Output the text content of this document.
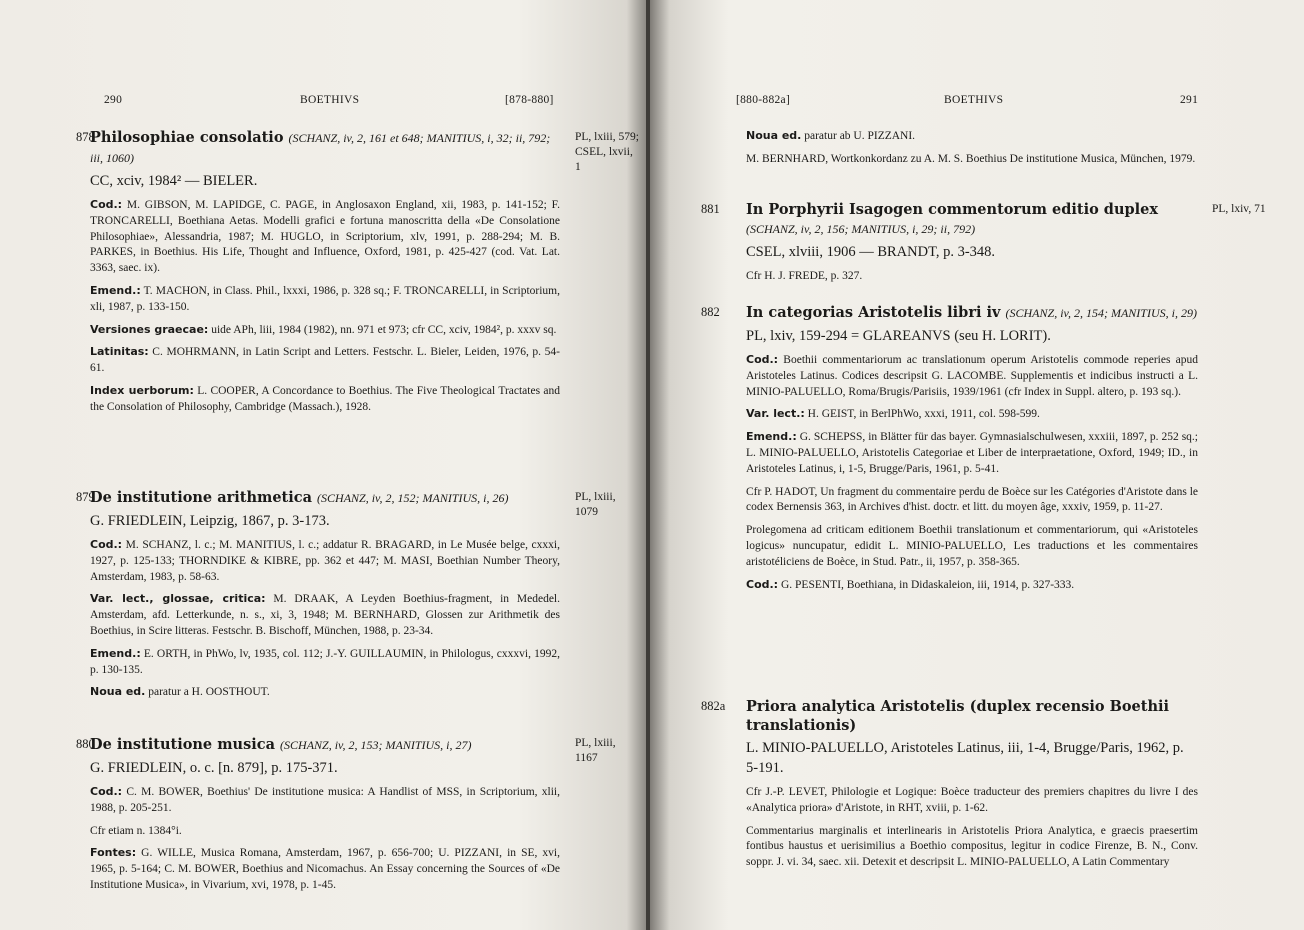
290	BOETHIVS	[878-880]
878

Philosophiae consolatio (SCHANZ, iv, 2, 161 et 648; MANITIUS, i, 32; ii, 792; iii, 1060)

CC, xciv, 1984² — BIELER.

Cod.: M. GIBSON, M. LAPIDGE, C. PAGE, in Anglosaxon England, xii, 1983, p. 141-152; F. TRONCARELLI, Boethiana Aetas. Modelli grafici e fortuna manoscritta della «De Consolatione Philosophiae», Alessandria, 1987; M. HUGLO, in Scriptorium, xlv, 1991, p. 288-294; M. B. PARKES, in Boethius. His Life, Thought and Influence, Oxford, 1981, p. 425-427 (cod. Vat. Lat. 3363, saec. ix).

Emend.: T. MACHON, in Class. Phil., lxxxi, 1986, p. 328 sq.; F. TRONCARELLI, in Scriptorium, xli, 1987, p. 133-150.

Versiones graecae: uide APh, liii, 1984 (1982), nn. 971 et 973; cfr CC, xciv, 1984², p. xxxv sq.

Latinitas: C. MOHRMANN, in Latin Script and Letters. Festschr. L. Bieler, Leiden, 1976, p. 54-61.

Index uerborum: L. COOPER, A Concordance to Boethius. The Five Theological Tractates and the Consolation of Philosophy, Cambridge (Massach.), 1928.

PL, lxiii, 579; CSEL, lxvii, 1
879

De institutione arithmetica (SCHANZ, iv, 2, 152; MANITIUS, i, 26)

G. FRIEDLEIN, Leipzig, 1867, p. 3-173.

Cod.: M. SCHANZ, l. c.; M. MANITIUS, l. c.; addatur R. BRAGARD, in Le Musée belge, cxxxi, 1927, p. 125-133; THORNDIKE & KIBRE, pp. 362 et 447; M. MASI, Boethian Number Theory, Amsterdam, 1983, p. 58-63.

Var. lect., glossae, critica: M. DRAAK, A Leyden Boethius-fragment, in Mededel. Amsterdam, afd. Letterkunde, n. s., xi, 3, 1948; M. BERNHARD, Glossen zur Arithmetik des Boethius, in Scire litteras. Festschr. B. Bischoff, München, 1988, p. 23-34.

Emend.: E. ORTH, in PhWo, lv, 1935, col. 112; J.-Y. GUILLAUMIN, in Philologus, cxxxvi, 1992, p. 130-135.

Noua ed. paratur a H. OOSTHOUT.

PL, lxiii, 1079
880

De institutione musica (SCHANZ, iv, 2, 153; MANITIUS, i, 27)

G. FRIEDLEIN, o. c. [n. 879], p. 175-371.

Cod.: C. M. BOWER, Boethius' De institutione musica: A Handlist of MSS, in Scriptorium, xlii, 1988, p. 205-251.

Cfr etiam n. 1384°i.

Fontes: G. WILLE, Musica Romana, Amsterdam, 1967, p. 656-700; U. PIZZANI, in SE, xvi, 1965, p. 5-164; C. M. BOWER, Boethius and Nicomachus. An Essay concerning the Sources of «De Institutione Musica», in Vivarium, xvi, 1978, p. 1-45.

PL, lxiii, 1167
[880-882a]	BOETHIVS	291

Noua ed. paratur ab U. PIZZANI.

M. BERNHARD, Wortkonkordanz zu A. M. S. Boethius De institutione Musica, München, 1979.

881 In Porphyrii Isagogen commentorum editio duplex (SCHANZ, iv, 2, 156; MANITIUS, i, 29; ii, 792)

CSEL, xlviii, 1906 — BRANDT, p. 3-348.

Cfr H. J. FREDE, p. 327.

PL, lxiv, 71
882 In categorias Aristotelis libri iv (SCHANZ, iv, 2, 154; MANITIUS, i, 29)

PL, lxiv, 159-294 = GLAREANVS (seu H. LORIT).

Cod.: Boethii commentariorum ac translationum operum Aristotelis commode reperies apud Aristoteles Latinus. Codices descripsit G. LACOMBE. Supplementis et indicibus instructi a L. MINIO-PALUELLO, Roma/Brugis/Parisiis, 1939/1961 (cfr Index in Suppl. altero, p. 193 sq.).

Var. lect.: H. GEIST, in BerlPhWo, xxxi, 1911, col. 598-599.

Emend.: G. SCHEPSS, in Blätter für das bayer. Gymnasialschulwesen, xxxiii, 1897, p. 252 sq.; L. MINIO-PALUELLO, Aristotelis Categoriae et Liber de interpraetatione, Oxford, 1949; ID., in Aristoteles Latinus, i, 1-5, Brugge/Paris, 1961, p. 5-41.

Cfr P. HADOT, Un fragment du commentaire perdu de Boèce sur les Catégories d'Aristote dans le codex Bernensis 363, in Archives d'hist. doctr. et litt. du moyen âge, xxxiv, 1959, p. 11-27.

Prolegomena ad criticam editionem Boethii translationum et commentariorum, qui «Aristoteles logicus» nuncupatur, edidit L. MINIO-PALUELLO, Les traductions et les commentaires aristotéliciens de Boèce, in Stud. Patr., ii, 1957, p. 358-365.

Cod.: G. PESENTI, Boethiana, in Didaskaleion, iii, 1914, p. 327-333.

882a Priora analytica Aristotelis (duplex recensio Boethii translationis)

L. MINIO-PALUELLO, Aristoteles Latinus, iii, 1-4, Brugge/Paris, 1962, p. 5-191.

Cfr J.-P. LEVET, Philologie et Logique: Boèce traducteur des premiers chapitres du livre I des «Analytica priora» d'Aristote, in RHT, xviii, p. 1-62.

Commentarius marginalis et interlinearis in Aristotelis Priora Analytica, e graecis praesertim fontibus haustus et uerisimilius a Boethio compositus, legitur in codice Firenze, B. N., Conv. soppr. J. vi. 34, saec. xii. Detexit et descripsit L. MINIO-PALUELLO, A Latin Commentary
